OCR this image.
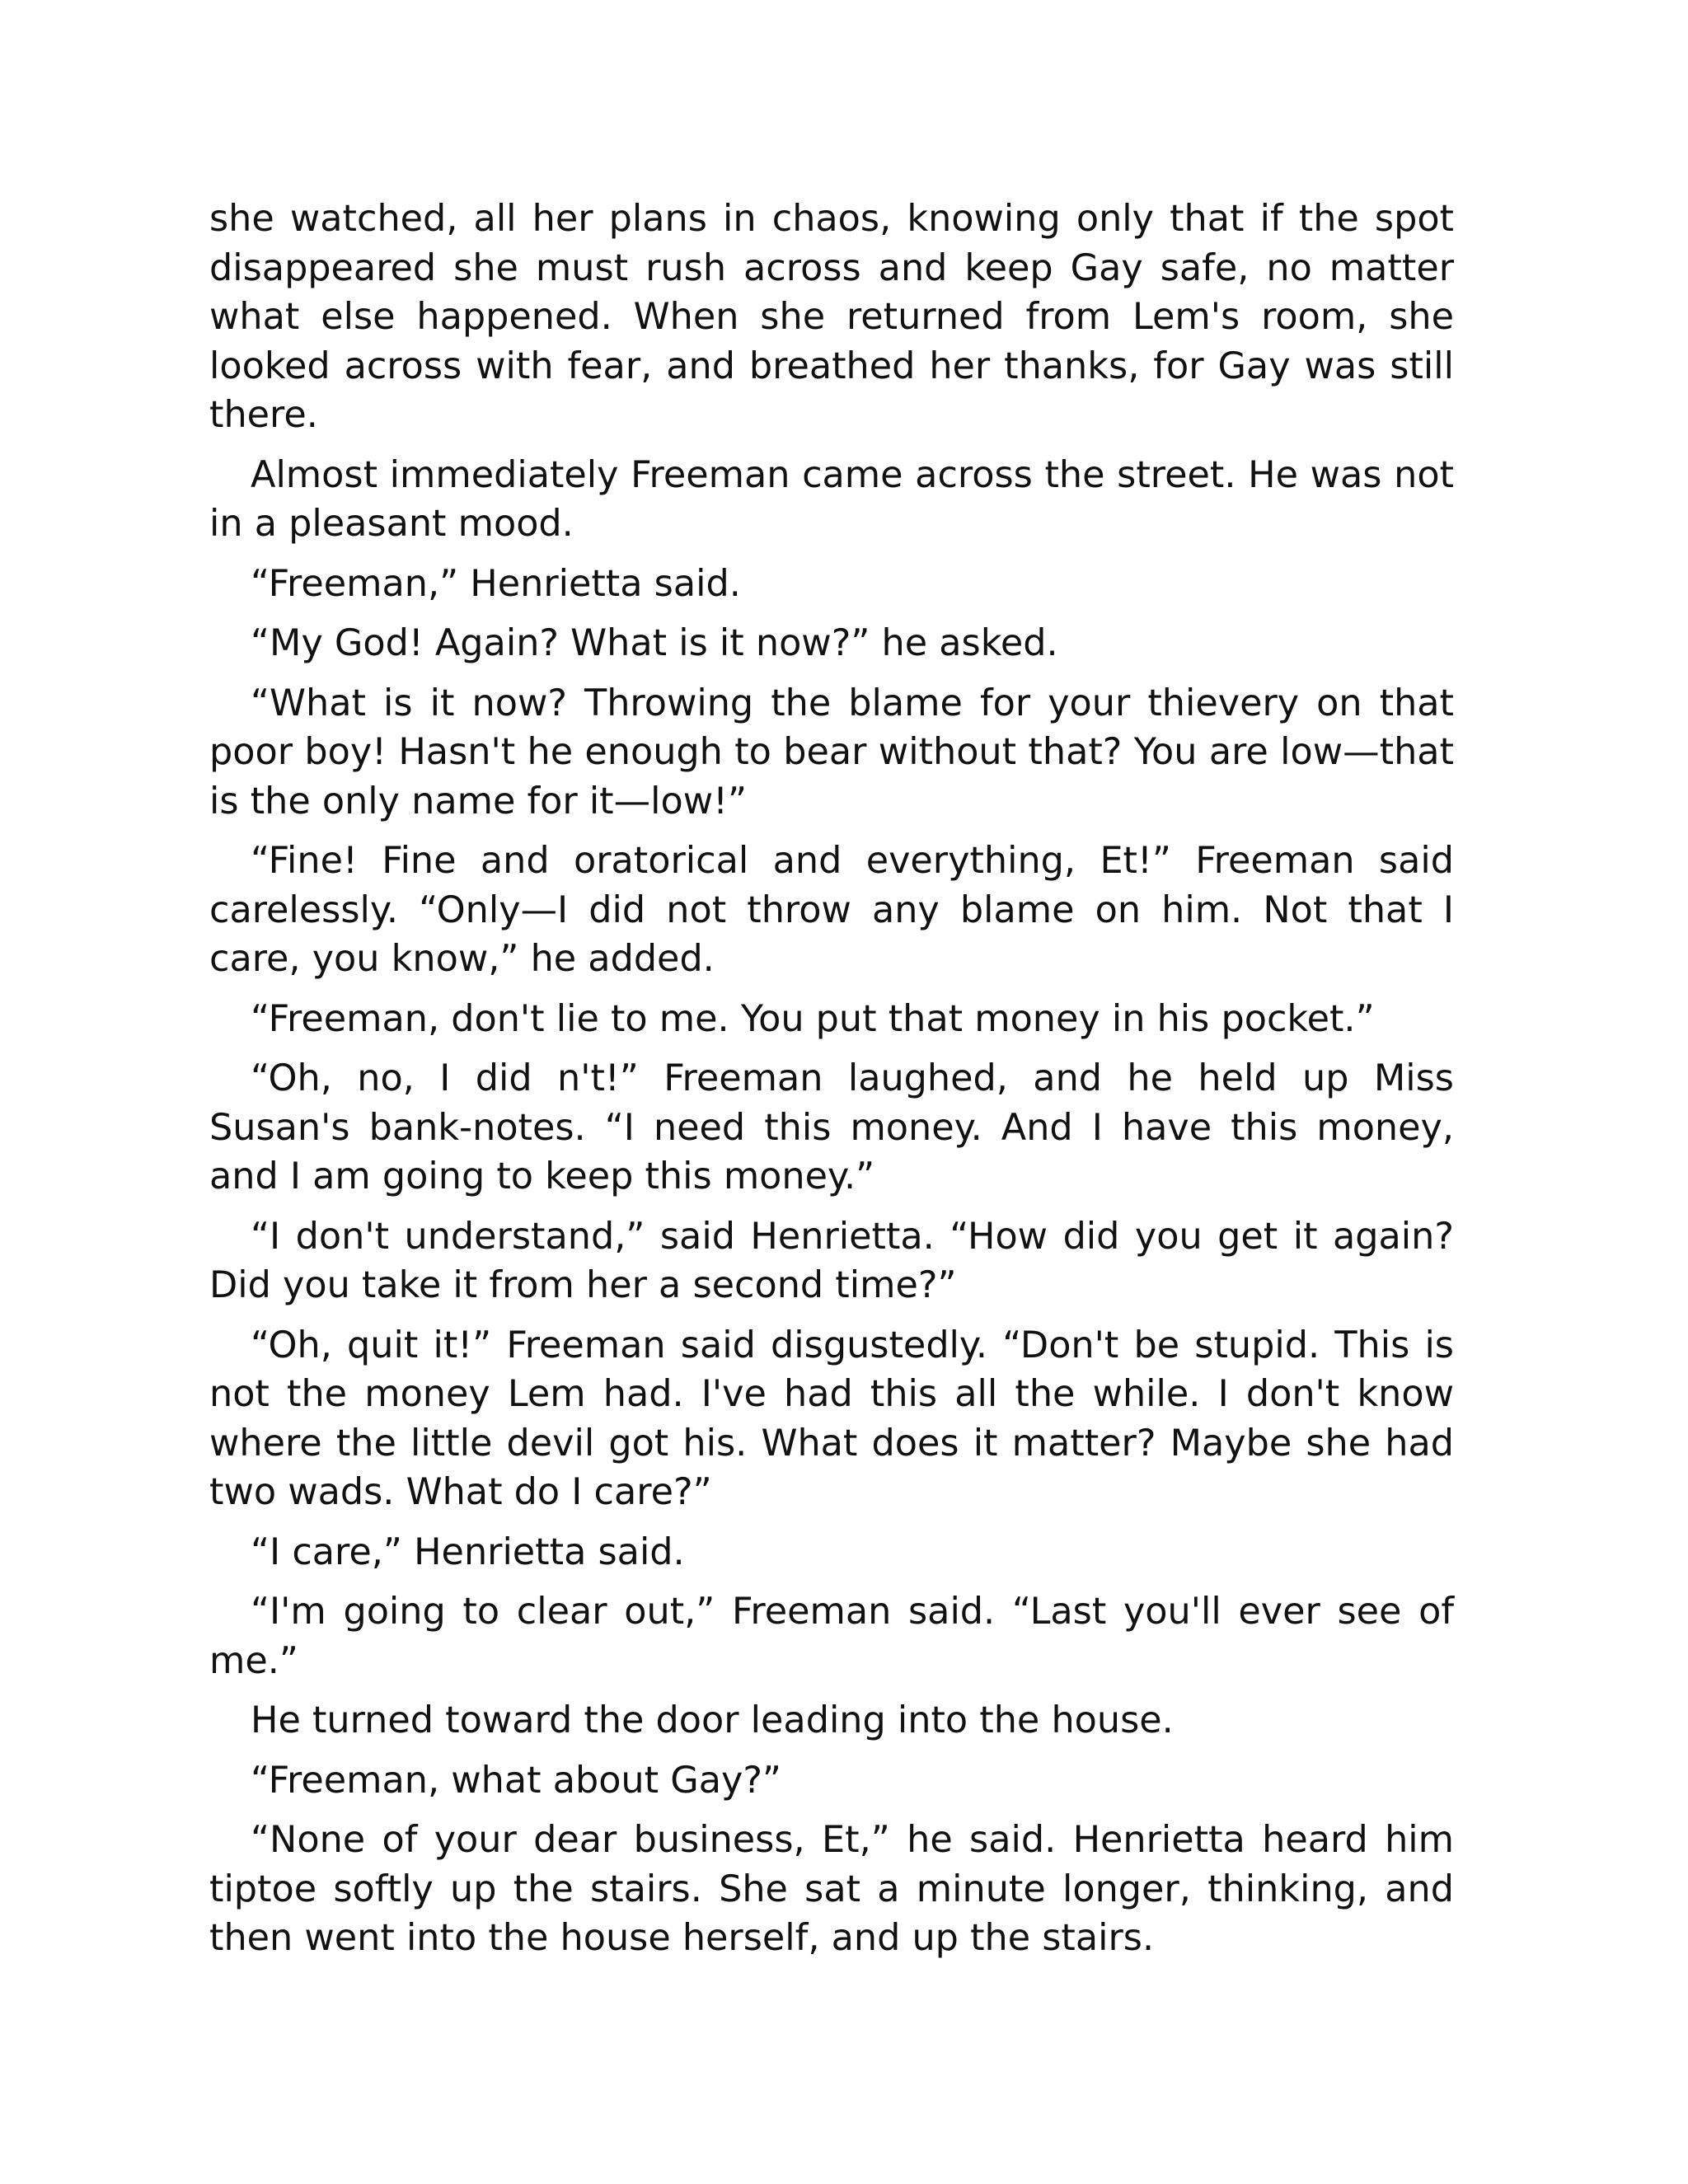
she watched, all her plans in chaos, knowing only that if the spot disappeared she must rush across and keep Gay safe, no matter what else happened. When she returned from Lem's room, she looked across with fear, and breathed her thanks, for Gay was still there.

Almost immediately Freeman came across the street. He was not in a pleasant mood.

“Freeman,” Henrietta said.

“My God! Again? What is it now?” he asked.

“What is it now? Throwing the blame for your thievery on that poor boy! Hasn't he enough to bear without that? You are low—that is the only name for it—low!”

“Fine! Fine and oratorical and everything, Et!” Freeman said carelessly. “Only—I did not throw any blame on him. Not that I care, you know,” he added.

“Freeman, don't lie to me. You put that money in his pocket.”

“Oh, no, I did n't!” Freeman laughed, and he held up Miss Susan's bank-notes. “I need this money. And I have this money, and I am going to keep this money.”

“I don't understand,” said Henrietta. “How did you get it again? Did you take it from her a second time?”

“Oh, quit it!” Freeman said disgustedly. “Don't be stupid. This is not the money Lem had. I've had this all the while. I don't know where the little devil got his. What does it matter? Maybe she had two wads. What do I care?”

“I care,” Henrietta said.

“I'm going to clear out,” Freeman said. “Last you'll ever see of me.”

He turned toward the door leading into the house.

“Freeman, what about Gay?”

“None of your dear business, Et,” he said. Henrietta heard him tiptoe softly up the stairs. She sat a minute longer, thinking, and then went into the house herself, and up the stairs.
